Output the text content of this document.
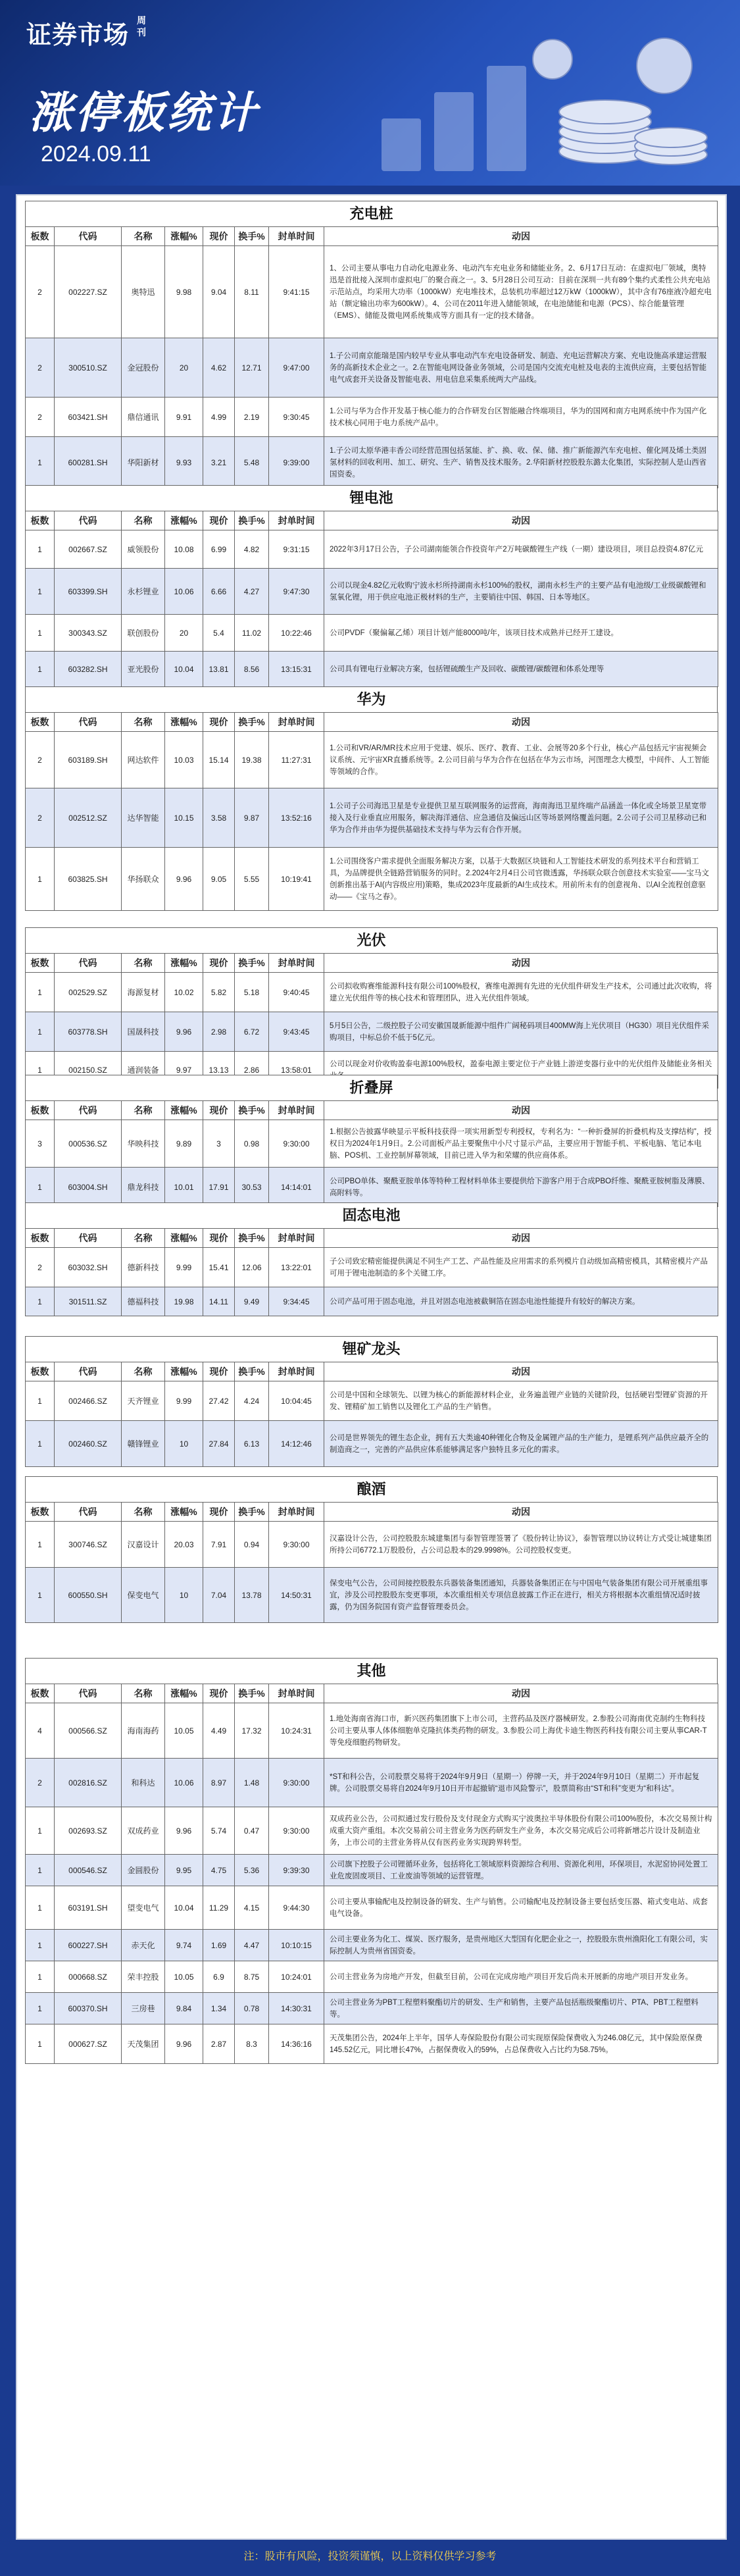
证券市场
周刊
涨停板统计
2024.09.11
充电桩
板数	代码	名称	涨幅%	现价	换手%	封单时间	动因
2	002227.SZ	奥特迅	9.98	9.04	8.11	9:41:15	1、公司主要从事电力自动化电源业务、电动汽车充电业务和储能业务。2、6月17日互动：在虚拟电厂领域，奥特迅是首批接入深圳市虚拟电厂的聚合商之一。3、5月28日公司互动：目前在深圳一共有89个集约式柔性公共充电站示范站点，均采用大功率（1000kW）充电堆技术，总装机功率超过12万kW（1000kW），其中含有76座液冷超充电站（额定输出功率为600kW）。4、公司在2011年进入储能领域，在电池储能和电源（PCS）、综合能量管理（EMS）、储能及微电网系统集成等方面具有一定的技术储备。
2	300510.SZ	金冠股份	20	4.62	12.71	9:47:00	1.子公司南京能瑞是国内较早专业从事电动汽车充电设备研发、制造、充电运营解决方案、充电设施高承建运营服务的高新技术企业之一。2.在智能电网设备业务领域，公司是国内交流充电桩及电表的主流供应商，主要包括智能电气成套开关设备及智能电表、用电信息采集系统两大产品线。
2	603421.SH	鼎信通讯	9.91	4.99	2.19	9:30:45	1.公司与华为合作开发基于核心能力的合作研发台区智能融合终端项目，华为的国网和南方电网系统中作为国产化技术核心同用于电力系统产品中。
1	600281.SH	华阳新材	9.93	3.21	5.48	9:39:00	1.子公司太原华港丰香公司经营范围包括氢能、扩、换、收、保、储、推广新能源汽车充电桩、催化网及烯土类固氢材料的回收利用、加工、研究、生产、销售及技术服务。2.华阳新材控股股东潞太化集团，实际控制人是山西省国资委。
锂电池
板数	代码	名称	涨幅%	现价	换手%	封单时间	动因
1	002667.SZ	威领股份	10.08	6.99	4.82	9:31:15	2022年3月17日公告，子公司湖南能领合作投资年产2万吨碳酸锂生产线（一期）建设项目，项目总投资4.87亿元
1	603399.SH	永杉锂业	10.06	6.66	4.27	9:47:30	公司以现金4.82亿元收购宁波永杉所持湖南永杉100%的股权，湖南永杉生产的主要产品有电池级/工业级碳酸锂和氢氧化锂，用于供应电池正极材料的生产，主要销往中国、韩国、日本等地区。
1	300343.SZ	联创股份	20	5.4	11.02	10:22:46	公司PVDF（聚偏氟乙烯）项目计划产能8000吨/年，该项目技术成熟并已经开工建设。
1	603282.SH	亚光股份	10.04	13.81	8.56	13:15:31	公司具有锂电行业解决方案，包括锂硫酸生产及回收、碳酸锂/碳酸锂和体系处理等
华为
板数	代码	名称	涨幅%	现价	换手%	封单时间	动因
2	603189.SH	网达软件	10.03	15.14	19.38	11:27:31	1.公司和VR/AR/MR技术应用于党建、娱乐、医疗、教育、工业、会展等20多个行业，核心产品包括元宇宙视频会议系统、元宇宙XR直播系统等。2.公司目前与华为合作在包括在华为云市场，河图理念大模型，中间件、人工智能等领域的合作。
2	002512.SZ	达华智能	10.15	3.58	9.87	13:52:16	1.公司子公司海迅卫星是专业提供卫星互联网服务的运营商，海南海迅卫星终端产品涵盖一体化或全场景卫星宽带接入及行业垂直应用服务，解决海洋通信、应急通信及偏远山区等场景网络覆盖问题。2.公司子公司卫星移动已和华为合作并由华为提供基础技术支持与华为云有合作开展。
1	603825.SH	华扬联众	9.96	9.05	5.55	10:19:41	1.公司围绕客户需求提供全面服务解决方案，以基于大数据区块链和人工智能技术研发的系列技术平台和营销工具，为品牌提供全链路营销服务的同时。2.2024年2月4日公司官微透露，华扬联众联合创意技术实验室——宝马文创新推出基于AI(内容级应用)策略，集成2023年度最新的AI生成技术。用前所未有的创意视角、以AI全流程创意驱动——《宝马之春》。
光伏
板数	代码	名称	涨幅%	现价	换手%	封单时间	动因
1	002529.SZ	海源复材	10.02	5.82	5.18	9:40:45	公司拟收购赛维能源科技有限公司100%股权，赛维电源拥有先进的光伏组件研发生产技术，公司通过此次收购，将建立光伏组件等的核心技术和管理团队，进入光伏组件领域。
1	603778.SH	国晟科技	9.96	2.98	6.72	9:43:45	5月5日公告，二级控股子公司安徽国晟新能源中组件广阔秘码项目400MW海上光伏项目（HG30）项目光伏组件采购项目，中标总价不低于5亿元。
1	002150.SZ	通润装备	9.97	13.13	2.86	13:58:01	公司以现金对价收购盈泰电源100%股权，盈泰电源主要定位于产业链上游逆变器行业中的光伏组件及储能业务相关
折叠屏
板数	代码	名称	涨幅%	现价	换手%	封单时间	动因
3	000536.SZ	华映科技	9.89	3	0.98	9:30:00	1.根据公告披露华映显示平板科技获得一项实用新型专利授权，专利名为：“一种折叠屏的折叠机构及支撑结构”，授权日为2024年1月9日。2.公司面板产品主要聚焦中小尺寸显示产品，主要应用于智能手机、平板电脑、笔记本电脑、POS机、工业控制屏幕领域，目前已进入华为和荣耀的供应商体系。
1	603004.SH	鼎龙科技	10.01	17.91	30.53	14:14:01	公司PBO单体、聚酰亚胺单体等特种工程材料单体主要提供给下游客户用于合成PBO纤维、聚酰亚胺树脂及薄膜、高附料等。
固态电池
板数	代码	名称	涨幅%	现价	换手%	封单时间	动因
2	603032.SH	德新科技	9.99	15.41	12.06	13:22:01	子公司致宏精密能提供满足不同生产工艺、产品性能及应用需求的系列模片自动级加高精密模具，其精密模片产品可用于锂电池制造的多个关键工序。
1	301511.SZ	德福科技	19.98	14.11	9.49	9:34:45	公司产品可用于固态电池，并且对固态电池被截铜箔在固态电池性能提升有较好的解决方案。
锂矿龙头
板数	代码	名称	涨幅%	现价	换手%	封单时间	动因
1	002466.SZ	天齐锂业	9.99	27.42	4.24	10:04:45	公司是中国和全球领先、以锂为核心的新能源材料企业，业务遍盖锂产业链的关键阶段，包括硬岩型锂矿资源的开发、锂精矿加工销售以及锂化工产品的生产销售。
1	002460.SZ	赣锋锂业	10	27.84	6.13	14:12:46	公司是世界领先的锂生态企业，拥有五大类逾40种锂化合物及金属锂产品的生产能力，是锂系列产品供应最齐全的制造商之一，完善的产品供应体系能够满足客户独特且多元化的需求。
酿酒
板数	代码	名称	涨幅%	现价	换手%	封单时间	动因
1	300746.SZ	汉嘉设计	20.03	7.91	0.94	9:30:00	汉嘉设计公告，公司控股股东城建集团与泰智管理签署了《股份转让协议》，泰智管理以协议转让方式受让城建集团所持公司6772.1万股股份，占公司总股本的29.9998%。公司控股权变更。
1	600550.SH	保变电气	10	7.04	13.78	14:50:31	保变电气公告，公司间接控股股东兵器装备集团通知，兵器装备集团正在与中国电气装备集团有限公司开展重组事宜，涉及公司控股股东变更事项，本次重组相关专项信息披露工作正在进行，相关方将根据本次重组情况适时披露，仍为国务院国有资产监督管理委员会。
其他
板数	代码	名称	涨幅%	现价	换手%	封单时间	动因
4	000566.SZ	海南海药	10.05	4.49	17.32	10:24:31	1.地处海南省海口市，新兴医药集团旗下上市公司，主营药品及医疗器械研发。2.参股公司海南优克制约生物科技公司主要从事人体体细胞单克隆抗体类药物的研发。3.参股公司上海优卡迪生物医药科技有限公司主要从事CAR-T等免疫细胞药物研发。
2	002816.SZ	和科达	10.06	8.97	1.48	9:30:00	*ST和科公告，公司股票交易将于2024年9月9日（星期一）停牌一天，并于2024年9月10日（星期二）开市起复牌。公司股票交易将自2024年9月10日开市起撤销“退市风险警示”，股票简称由“ST和科”变更为“和科达”。
1	002693.SZ	双成药业	9.96	5.74	0.47	9:30:00	双成药业公告，公司拟通过发行股份及支付现金方式购买宁波奥拉半导体股份有限公司100%股份，本次交易预计构成重大资产重组。本次交易前公司主营业务为医药研发生产业务，本次交易完成后公司将新增芯片设计及制造业务，上市公司的主营业务将从仅有医药业务实现跨界转型。
1	000546.SZ	金圆股份	9.95	4.75	5.36	9:39:30	公司旗下控股子公司锂循环业务，包括将化工领域原料资源综合利用、资源化利用，环保项目，水泥窑协同处置工业危废固废项目、工业废油等领域的运营管理。
1	603191.SH	望变电气	10.04	11.29	4.15	9:44:30	公司主要从事输配电及控制设备的研发、生产与销售。公司输配电及控制设备主要包括变压器、箱式变电站、成套电气设备。
1	600227.SH	赤天化	9.74	1.69	4.47	10:10:15	公司主要业务为化工、煤炭、医疗服务，是贵州地区大型国有化肥企业之一，控股股东贵州渔阳化工有限公司，实际控制人为贵州省国资委。
1	000668.SZ	荣丰控股	10.05	6.9	8.75	10:24:01	公司主营业务为房地产开发，但截至目前，公司在完成房地产项目开发后尚未开展新的房地产项目开发业务。
1	600370.SH	三房巷	9.84	1.34	0.78	14:30:31	公司主营业务为PBT工程塑料聚酯切片的研发、生产和销售，主要产品包括瓶级聚酯切片、PTA、PBT工程塑料等。
1	000627.SZ	天茂集团	9.96	2.87	8.3	14:36:16	天茂集团公告，2024年上半年，国华人寿保险股份有限公司实现原保险保费收入为246.08亿元，其中保险原保费145.52亿元，同比增长47%，占据保费收入的59%，占总保费收入占比约为58.75%。
注：股市有风险，投资须谨慎，以上资料仅供学习参考
